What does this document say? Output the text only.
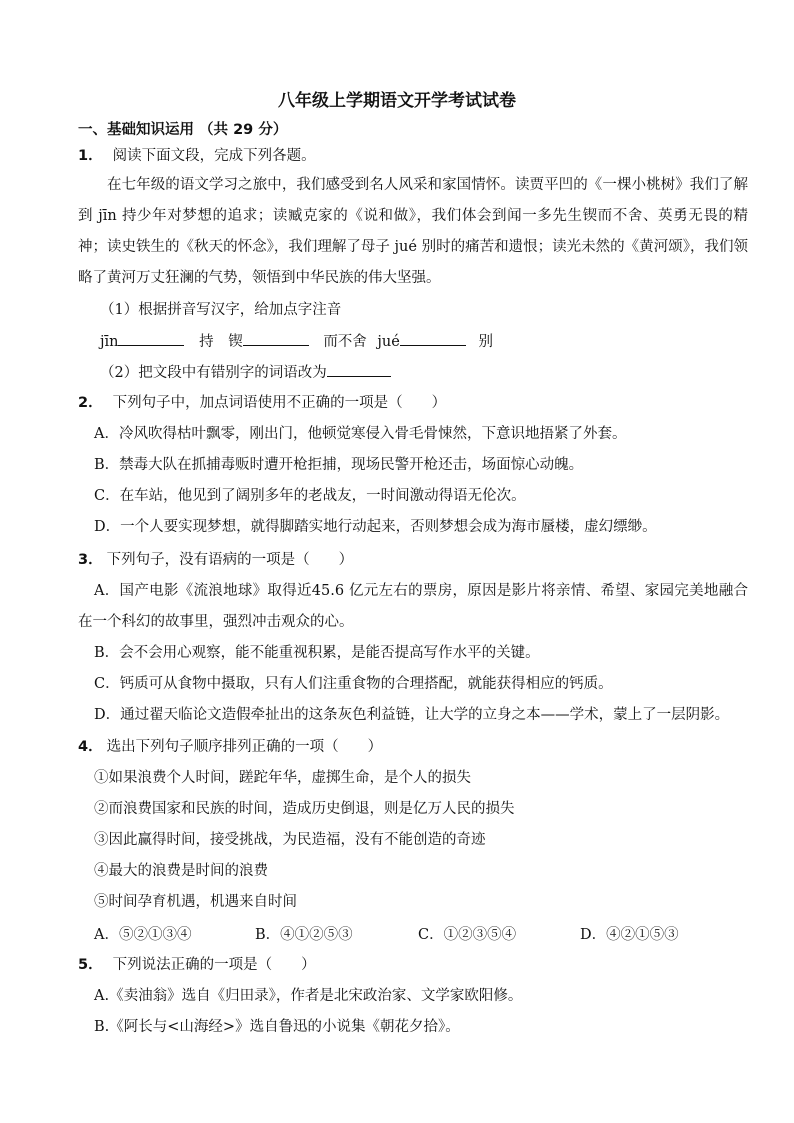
八年级上学期语文开学考试试卷
一、基础知识运用 （共 29 分）
1． 阅读下面文段，完成下列各题。
在七年级的语文学习之旅中，我们感受到名人风采和家国情怀。读贾平凹的《一棵小桃树》我们了解到 jīn 持少年对梦想的追求；读臧克家的《说和做》，我们体会到闻一多先生锲而不舍、英勇无畏的精神；读史铁生的《秋天的怀念》，我们理解了母子 jué 别时的痛苦和遗恨；读光未然的《黄河颂》，我们领略了黄河万丈狂澜的气势，领悟到中华民族的伟大坚强。
（1）根据拼音写汉字，给加点字注音
jīn	持 锲	而不舍 jué	别
（2）把文段中有错别字的词语改为
2． 下列句子中，加点词语使用不正确的一项是（　　）
A．冷风吹得枯叶飘零，刚出门，他顿觉寒侵入骨毛骨悚然，下意识地捂紧了外套。
B．禁毒大队在抓捕毒贩时遭开枪拒捕，现场民警开枪还击，场面惊心动魄。
C．在车站，他见到了阔别多年的老战友，一时间激动得语无伦次。
D．一个人要实现梦想，就得脚踏实地行动起来，否则梦想会成为海市蜃楼，虚幻缥缈。
3． 下列句子，没有语病的一项是（　　）
A．国产电影《流浪地球》取得近45.6 亿元左右的票房，原因是影片将亲情、希望、家园完美地融合在一个科幻的故事里，强烈冲击观众的心。
B．会不会用心观察，能不能重视积累，是能否提高写作水平的关键。
C．钙质可从食物中摄取，只有人们注重食物的合理搭配，就能获得相应的钙质。
D．通过翟天临论文造假牵扯出的这条灰色利益链，让大学的立身之本——学术，蒙上了一层阴影。
4． 选出下列句子顺序排列正确的一项（　　）
①如果浪费个人时间，蹉跎年华，虚掷生命，是个人的损失
②而浪费国家和民族的时间，造成历史倒退，则是亿万人民的损失
③因此赢得时间，接受挑战，为民造福，没有不能创造的奇迹
④最大的浪费是时间的浪费
⑤时间孕育机遇，机遇来自时间
A．⑤②①③④	B．④①②⑤③	C．①②③⑤④	D．④②①⑤③
5． 下列说法正确的一项是（　　）
A.《卖油翁》选自《归田录》，作者是北宋政治家、文学家欧阳修。
B.《阿长与<山海经>》选自鲁迅的小说集《朝花夕拾》。
